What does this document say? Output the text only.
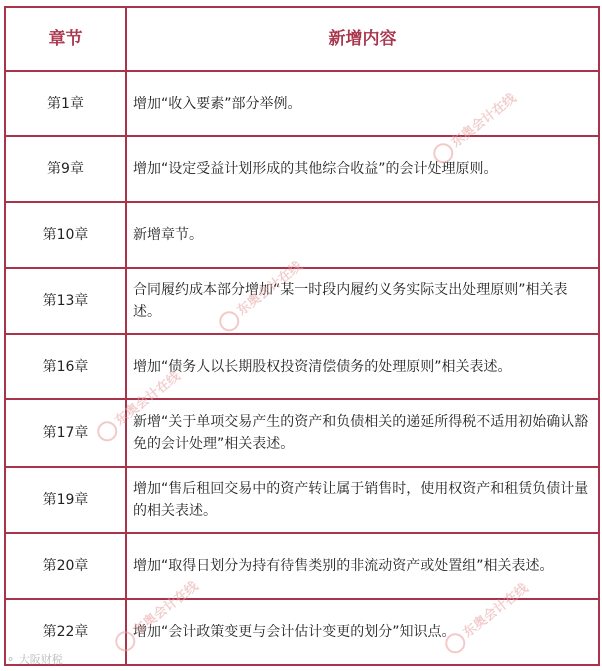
章节	新增内容
第1章	增加“收入要素”部分举例。
第9章	增加“设定受益计划形成的其他综合收益”的会计处理原则。
第10章	新增章节。
第13章	合同履约成本部分增加“某一时段内履约义务实际支出处理原则”相关表述。
第16章	增加“债务人以长期股权投资清偿债务的处理原则”相关表述。
第17章	新增“关于单项交易产生的资产和负债相关的递延所得税不适用初始确认豁免的会计处理”相关表述。
第19章	增加“售后租回交易中的资产转让属于销售时，使用权资产和租赁负债计量的相关表述。
第20章	增加“取得日划分为持有待售类别的非流动资产或处置组”相关表述。
第22章	增加“会计政策变更与会计估计变更的划分”知识点。
东奥会计在线
东奥会计在线
东奥会计在线
东奥会计在线	东奥会计在线
⚬ 大阪财税
